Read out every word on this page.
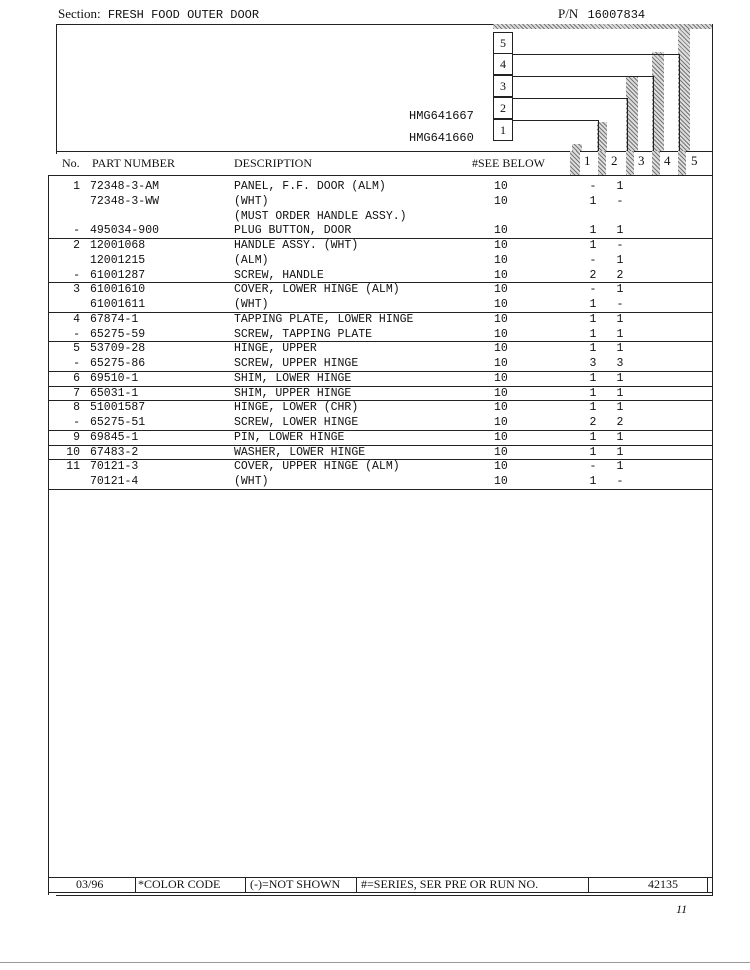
Section: FRESH FOOD OUTER DOOR	P/N 16007834
5
4
3
2
1
HMG641667
HMG641660
No. PART NUMBER	DESCRIPTION	#SEE BELOW	1 2 3 4 5
1 72348-3-AM	PANEL, F.F. DOOR (ALM)	10	- 1
72348-3-WW	(WHT)	10	1 -
(MUST ORDER HANDLE ASSY.)
- 495034-900	PLUG BUTTON, DOOR	10	1 1
2 12001068	HANDLE ASSY. (WHT)	10	1 -
12001215	(ALM)	10	- 1
- 61001287	SCREW, HANDLE	10	2 2
3 61001610	COVER, LOWER HINGE (ALM)	10	- 1
61001611	(WHT)	10	1 -
4 67874-1	TAPPING PLATE, LOWER HINGE	10	1 1
- 65275-59	SCREW, TAPPING PLATE	10	1 1
5 53709-28	HINGE, UPPER	10	1 1
- 65275-86	SCREW, UPPER HINGE	10	3 3
6 69510-1	SHIM, LOWER HINGE	10	1 1
7 65031-1	SHIM, UPPER HINGE	10	1 1
8 51001587	HINGE, LOWER (CHR)	10	1 1
- 65275-51	SCREW, LOWER HINGE	10	2 2
9 69845-1	PIN, LOWER HINGE	10	1 1
10 67483-2	WASHER, LOWER HINGE	10	1 1
11 70121-3	COVER, UPPER HINGE (ALM)	10	- 1
70121-4	(WHT)	10	1 -
03/96	*COLOR CODE (-)=NOT SHOWN #=SERIES, SER PRE OR RUN NO.	42135
11
